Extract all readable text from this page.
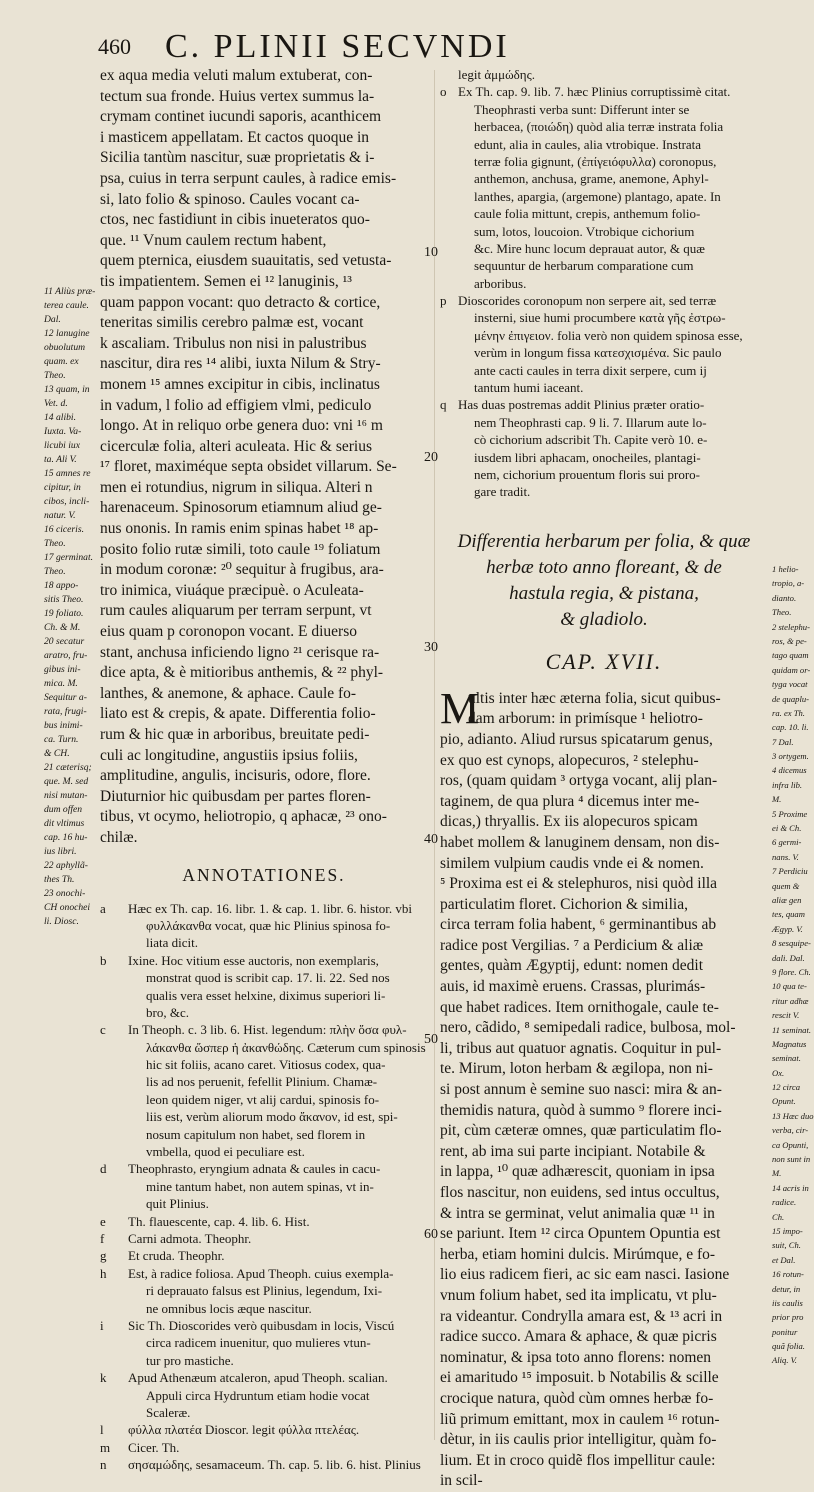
460 C. PLINII SECVNDI
11 Aliùs præ-
terea caule.
Dal.
12 lanugine
obuolutum
quam. ex
Theo.
13 quam, in
Vet. d.
14 alibi.
Iuxta. Va-
licubi iux
ta. Ali V.
15 amnes re
cipitur, in
cibos, incli-
natur. V.
16 ciceris.
Theo.
17 germinat.
Theo.
18 appo-
sitis Theo.
19 foliato.
Ch. & M.
20 secatur
aratro, fru-
gibus ini-
mica. M.
Sequitur a-
rata, frugi-
bus inimi-
ca. Turn.
& CH.
21 cæterisq;
que. M. sed
nisi mutan-
dum offen
dit vltimus
cap. 16 hu-
ius libri.
22 aphyllã-
thes Th.
23 onochi-
CH onochei
li. Diosc.
ex aqua media veluti malum extuberat, con-
tectum sua fronde. Huius vertex summus la-
crymam continet iucundi saporis, acanthicem
i masticem appellatam. Et cactos quoque in
Sicilia tantùm nascitur, suæ proprietatis & i-
psa, cuius in terra serpunt caules, à radice emis-
si, lato folio & spinoso. Caules vocant ca-
ctos, nec fastidiunt in cibis inueteratos quo-
que. ¹¹ Vnum caulem rectum habent,
quem pternica, eiusdem suauitatis, sed vetusta-
tis impatientem. Semen ei ¹² lanuginis, ¹³
quam pappon vocant: quo detracto & cortice,
teneritas similis cerebro palmæ est, vocant
k ascaliam. Tribulus non nisi in palustribus
nascitur, dira res ¹⁴ alibi, iuxta Nilum & Stry-
monem ¹⁵ amnes excipitur in cibis, inclinatus
in vadum, l folio ad effigiem vlmi, pediculo
longo. At in reliquo orbe genera duo: vni ¹⁶ m
cicerculæ folia, alteri aculeata. Hic & serius
¹⁷ floret, maximéque septa obsidet villarum. Se-
men ei rotundius, nigrum in siliqua. Alteri n
harenaceum. Spinosorum etiamnum aliud ge-
nus ononis. In ramis enim spinas habet ¹⁸ ap-
posito folio rutæ simili, toto caule ¹⁹ foliatum
in modum coronæ: ²⁰ sequitur à frugibus, ara-
tro inimica, viuáque præcipuè. o Aculeata-
rum caules aliquarum per terram serpunt, vt
eius quam p coronopon vocant. E diuerso
stant, anchusa inficiendo ligno ²¹ cerisque ra-
dice apta, & è mitioribus anthemis, & ²² phyl-
lanthes, & anemone, & aphace. Caule fo-
liato est & crepis, & apate. Differentia folio-
rum & hic quæ in arboribus, breuitate pedi-
culi ac longitudine, angustiis ipsius foliis,
amplitudine, angulis, incisuris, odore, flore.
Diuturnior hic quibusdam per partes floren-
tibus, vt ocymo, heliotropio, q aphacæ, ²³ ono-
chilæ.
ANNOTATIONES.
a Hæc ex Th. cap. 16. libr. 1. & cap. 1. libr. 6. histor. vbi
φυλλάκανθα vocat, quæ hic Plinius spinosa fo-
liata dicit.
b Ixine. Hoc vitium esse auctoris, non exemplaris,
monstrat quod is scribit cap. 17. li. 22. Sed nos
qualis vera esset helxine, diximus superiori li-
bro, &c.
c In Theoph. c. 3 lib. 6. Hist. legendum: πλὴν ὅσα φυλ-
λάκανθα ὥσπερ ἡ ἀκανθώδης. Cæterum cum spinosis
hic sit foliis, acano caret. Vitiosus codex, qua-
lis ad nos peruenit, fefellit Plinium. Chamæ-
leon quidem niger, vt alij cardui, spinosis fo-
liis est, verùm aliorum modo ἄκανον, id est, spi-
nosum capitulum non habet, sed florem in
vmbella, quod ei peculiare est.
d Theophrasto, eryngium adnata & caules in cacu-
mine tantum habet, non autem spinas, vt in-
quit Plinius.
e Th. flauescente, cap. 4. lib. 6. Hist.
f Carni admota. Theophr.
g Et cruda. Theophr.
h Est, à radice foliosa. Apud Theoph. cuius exempla-
ri deprauato falsus est Plinius, legendum, Ixi-
ne omnibus locis æque nascitur.
i Sic Th. Dioscorides verò quibusdam in locis, Viscú
circa radicem inuenitur, quo mulieres vtun-
tur pro mastiche.
k Apud Athenæum atcaleron, apud Theoph. scalian.
Appuli circa Hydruntum etiam hodie vocat
Scaleræ.
l φύλλα πλατέα Dioscor. legit φύλλα πτελέας.
m Cicer. Th.
n σησαμώδης, sesamaceum. Th. cap. 5. lib. 6. hist. Plinius
legit ἀμμώδης.
o Ex Th. cap. 9. lib. 7. hæc Plinius corruptissimè citat.
Theophrasti verba sunt: Differunt inter se
herbacea, (ποιώδη) quòd alia terræ instrata folia
edunt, alia in caules, alia vtrobique. Instrata
terræ folia gignunt, (ἐπίγειόφυλλα) coronopus,
anthemon, anchusa, grame, anemone, Aphyl-
lanthes, apargia, (argemone) plantago, apate. In
caule folia mittunt, crepis, anthemum folio-
sum, lotos, loucoion. Vtrobique cichorium
&c. Mire hunc locum deprauat autor, & quæ
sequuntur de herbarum comparatione cum
arboribus.
p Dioscorides coronopum non serpere ait, sed terræ
insterni, siue humi procumbere κατὰ γῆς ἐστρω-
μένην ἐπιγειον. folia verò non quidem spinosa esse,
verùm in longum fissa κατεσχισμένα. Sic paulo
ante cacti caules in terra dixit serpere, cum ij
tantum humi iaceant.
q Has duas postremas addit Plinius præter oratio-
nem Theophrasti cap. 9 li. 7. Illarum aute lo-
cò cichorium adscribit Th. Capite verò 10. e-
iusdem libri aphacam, onocheiles, plantagi-
nem, cichorium prouentum floris sui proro-
gare tradit.
Differentia herbarum per folia, & quæ
herbæ toto anno floreant, & de
hastula regia, & pistana,
& gladiolo.
CAP. XVII.
M
ultis inter hæc æterna folia, sicut quibus-
dam arborum: in primísque ¹ heliotro-
pio, adianto. Aliud rursus spicatarum genus,
ex quo est cynops, alopecuros, ² stelephu-
ros, (quam quidam ³ ortyga vocant, alij plan-
taginem, de qua plura ⁴ dicemus inter me-
dicas,) thryallis. Ex iis alopecuros spicam
habet mollem & lanuginem densam, non dis-
similem vulpium caudis vnde ei & nomen.
⁵ Proxima est ei & stelephuros, nisi quòd illa
particulatim floret. Cichorion & similia,
circa terram folia habent, ⁶ germinantibus ab
radice post Vergilias. ⁷ a Perdicium & aliæ
gentes, quàm Ægyptij, edunt: nomen dedit
auis, id maximè eruens. Crassas, plurimás-
que habet radices. Item ornithogale, caule te-
nero, cãdido, ⁸ semipedali radice, bulbosa, mol-
li, tribus aut quatuor agnatis. Coquitur in pul-
te. Mirum, loton herbam & ægilopa, non ni-
si post annum è semine suo nasci: mira & an-
themidis natura, quòd à summo ⁹ florere inci-
pit, cùm cæteræ omnes, quæ particulatim flo-
rent, ab ima sui parte incipiant. Notabile &
in lappa, ¹⁰ quæ adhærescit, quoniam in ipsa
flos nascitur, non euidens, sed intus occultus,
& intra se germinat, velut animalia quæ ¹¹ in
se pariunt. Item ¹² circa Opuntem Opuntia est
herba, etiam homini dulcis. Mirúmque, e fo-
lio eius radicem fieri, ac sic eam nasci. Iasione
vnum folium habet, sed ita implicatu, vt plu-
ra videantur. Condrylla amara est, & ¹³ acri in
radice succo. Amara & aphace, & quæ picris
nominatur, & ipsa toto anno florens: nomen
ei amaritudo ¹⁵ imposuit. b Notabilis & scille
crocique natura, quòd cùm omnes herbæ fo-
liũ primum emittant, mox in caulem ¹⁶ rotun-
dètur, in iis caulis prior intelligitur, quàm fo-
lium. Et in croco quidẽ flos impellitur caule:
in scil-
1 helio-
tropio, a-
dianto.
Theo.
2 stelephu-
ros, & pe-
tago quam
quidam or-
tyga vocat
de quaplu-
ra. ex Th.
cap. 10. li.
7 Dal.
3 ortygem.
4 dicemus
infra lib.
M.
5 Proxime
ei & Ch.
6 germi-
nans. V.
7 Perdiciu
quem &
aliæ gen
tes, quam
Ægyp. V.
8 sesquipe-
dali. Dal.
9 flore. Ch.
10 qua te-
ritur adhæ
rescit V.
11 seminat.
Magnatus
seminat.
Ox.
12 circa
Opunt.
13 Hæc duo
verba, cir-
ca Opunti,
non sunt in
M.
14 acris in
radice.
Ch.
15 impo-
suit, Ch.
et Dal.
16 rotun-
detur, in
iis caulis
prior pro
ponitur
quã folia.
Aliq. V.
10
20
30
40
50
60
